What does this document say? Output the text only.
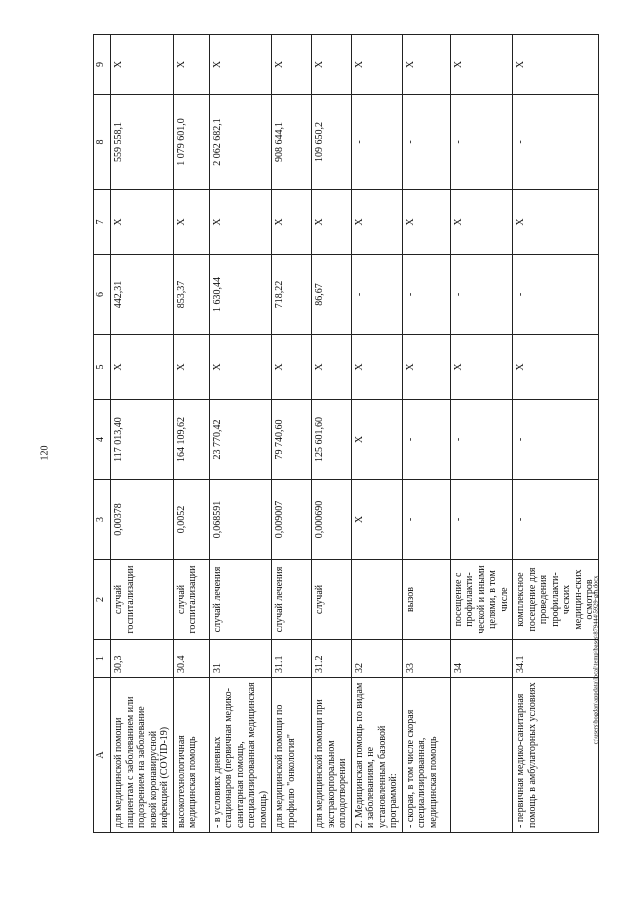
120
A	1	2	3	4	5	6	7	8	9
для медицинской помощи пациентам с заболеванием или подозрением на заболевание новой коронавирусной инфекцией (COVID-19)	30,3	случай госпитализации	0,00378	117 013,40	X	442,31	X	559 558,1	X
высокотехнологичная медицинская помощь	30.4	случай госпитализации	0,0052	164 109,62	X	853,37	X	1 079 601,0	X
- в условиях дневных стационаров (первичная медико-санитарная помощь, специализированная медицинская помощь)	31	случай лечения	0,068591	23 770,42	X	1 630,44	X	2 062 682,1	X
для медицинской помощи по профилю "онкология"	31.1	случай лечения	0,009007	79 740,60	X	718,22	X	908 644,1	X
для медицинской помощи при экстракорпоральном оплодотворении	31.2	случай	0,000690	125 601,60	X	86,67	X	109 650,2	X
2. Медицинская помощь по видам и заболеваниям, не установленным базовой программой:	32		X	X	X	-	X	-	X
- скорая, в том числе скорая специализированная, медицинская помощь	33	вызов	-	-	X	-	X	-	X
	34	посещение с профилакти-ческой и иными целями, в том числе	-	-	X	-	X	-	X
- первичная медико-санитарная помощь в амбулаторных условиях	34.1	комплексное посещение для проведения профилакти-ческих медицин-ских осмотров	-	-	X	-	X	-	X
c:\users\bogdan\appdata\local\temp\bases\879444\5929-gm.docx
